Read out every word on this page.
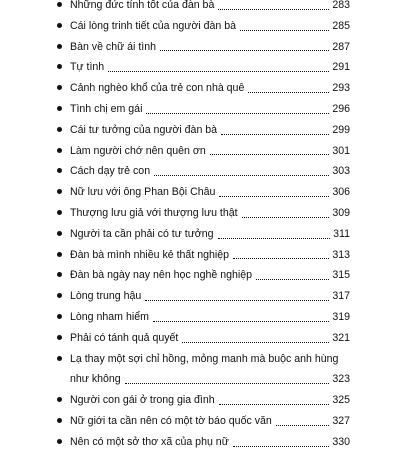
Những đức tính tốt của đàn bà	283
Cái lòng trinh tiết của người đàn bà	285
Bàn về chữ ái tình	287
Tự tình	291
Cảnh nghèo khổ của trẻ con nhà quê	293
Tình chị em gái	296
Cái tư tưởng của người đàn bà	299
Làm người chớ nên quên ơn	301
Cách dạy trẻ con	303
Nữ lưu với ông Phan Bội Châu	306
Thượng lưu giả với thượng lưu thật	309
Người ta cần phải có tư tưởng	311
Đàn bà mình nhiều kẻ thất nghiệp	313
Đàn bà ngày nay nên học nghề nghiệp	315
Lòng trung hậu	317
Lòng nham hiểm	319
Phải có tánh quả quyết	321
Lạ thay một sợi chỉ hồng, mỏng manh mà buộc anh hùng
như không	323
Người con gái ở trong gia đình	325
Nữ giới ta cần nên có một tờ báo quốc văn	327
Nên có một sở thơ xã của phụ nữ	330
